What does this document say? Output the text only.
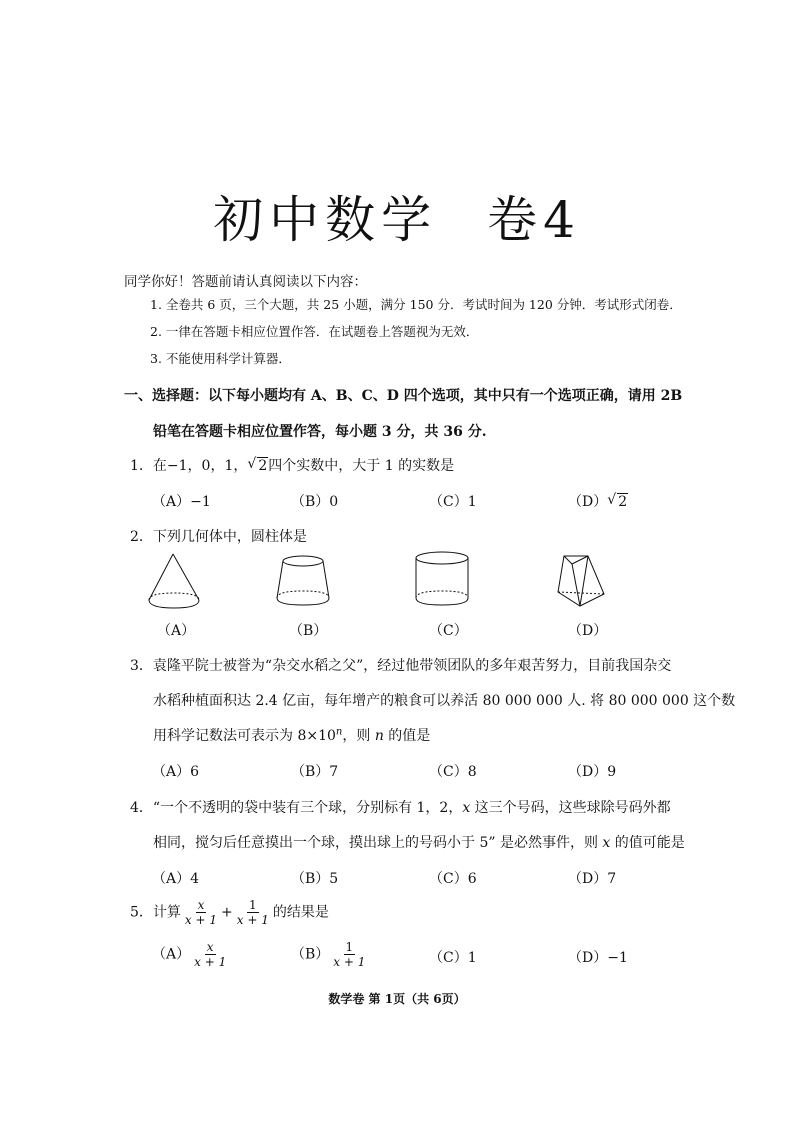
初中数学 卷4
同学你好！答题前请认真阅读以下内容：
1. 全卷共 6 页，三个大题，共 25 小题，满分 150 分．考试时间为 120 分钟．考试形式闭卷．
2. 一律在答题卡相应位置作答．在试题卷上答题视为无效．
3. 不能使用科学计算器．
一、选择题：以下每小题均有 A、B、C、D 四个选项，其中只有一个选项正确，请用 2B
铅笔在答题卡相应位置作答，每小题 3 分，共 36 分.
1．在−1，0，1， √ 2四个实数中，大于 1 的实数是
（A）−1	（B）0	（C）1	（D） √ 2
2．下列几何体中，圆柱体是
（A）	（B）	（C）	（D）
3．袁隆平院士被誉为“杂交水稻之父”，经过他带领团队的多年艰苦努力，目前我国杂交
水稻种植面积达 2.4 亿亩，每年增产的粮食可以养活 80 000 000 人. 将 80 000 000 这个数
用科学记数法可表示为 $8\times 10^n$，则 n 的值是
（A）6	（B）7	（C）8	（D）9
4．“一个不透明的袋中装有三个球，分别标有 1，2，x 这三个号码，这些球除号码外都
相同，搅匀后任意摸出一个球，摸出球上的号码小于 5” 是必然事件，则 x 的值可能是
（A）4	（B）5	（C）6	（D）7
5．计算 $\frac{x}{x + 1} + \frac{1}{x + 1}$ 的结果是
$(A) \frac{x}{x + 1}$	$(B) \frac{1}{x + 1}$	（C）1	（D）−1
数学卷 第 1页（共 6页）
